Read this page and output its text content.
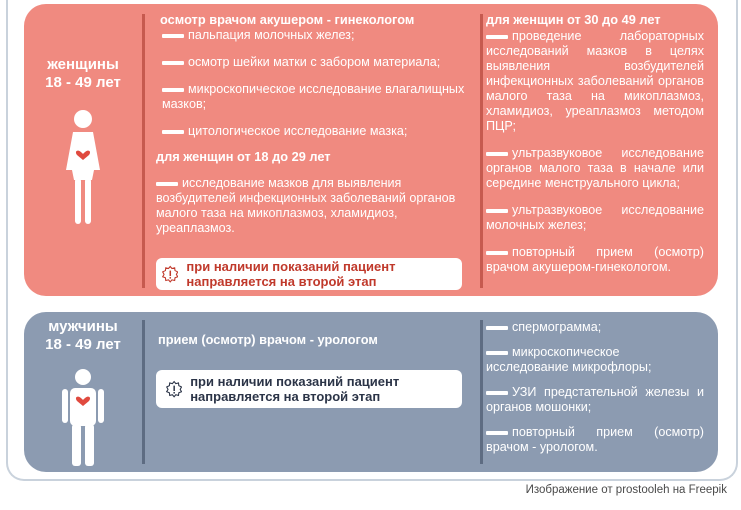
женщины
18 - 49 лет
осмотр врачом акушером - гинекологом
пальпация молочных желез;
осмотр шейки матки с забором материала;
микроскопическое исследование влагалищных мазков;
цитологическое исследование мазка;
для женщин от 18 до 29 лет
исследование мазков для выявления возбудителей инфекционных заболеваний органов малого таза на микоплазмоз, хламидиоз, уреаплазмоз.
при наличии показаний пациент направляется на второй этап
для женщин от 30 до 49 лет
проведение лабораторных исследований мазков в целях выявления возбудителей инфекционных заболеваний органов малого таза на микоплазмоз, хламидиоз, уреаплазмоз методом ПЦР;
ультразвуковое исследование органов малого таза в начале или середине менструального цикла;
ультразвуковое исследование молочных желез;
повторный прием (осмотр) врачом акушером-гинекологом.
мужчины
18 - 49 лет	прием (осмотр) врачом - урологом
при наличии показаний пациент направляется на второй этап
спермограмма;
микроскопическое исследование микрофлоры;
УЗИ предстательной железы и органов мошонки;
повторный прием (осмотр) врачом - урологом.
Изображение от prostooleh на Freepik
